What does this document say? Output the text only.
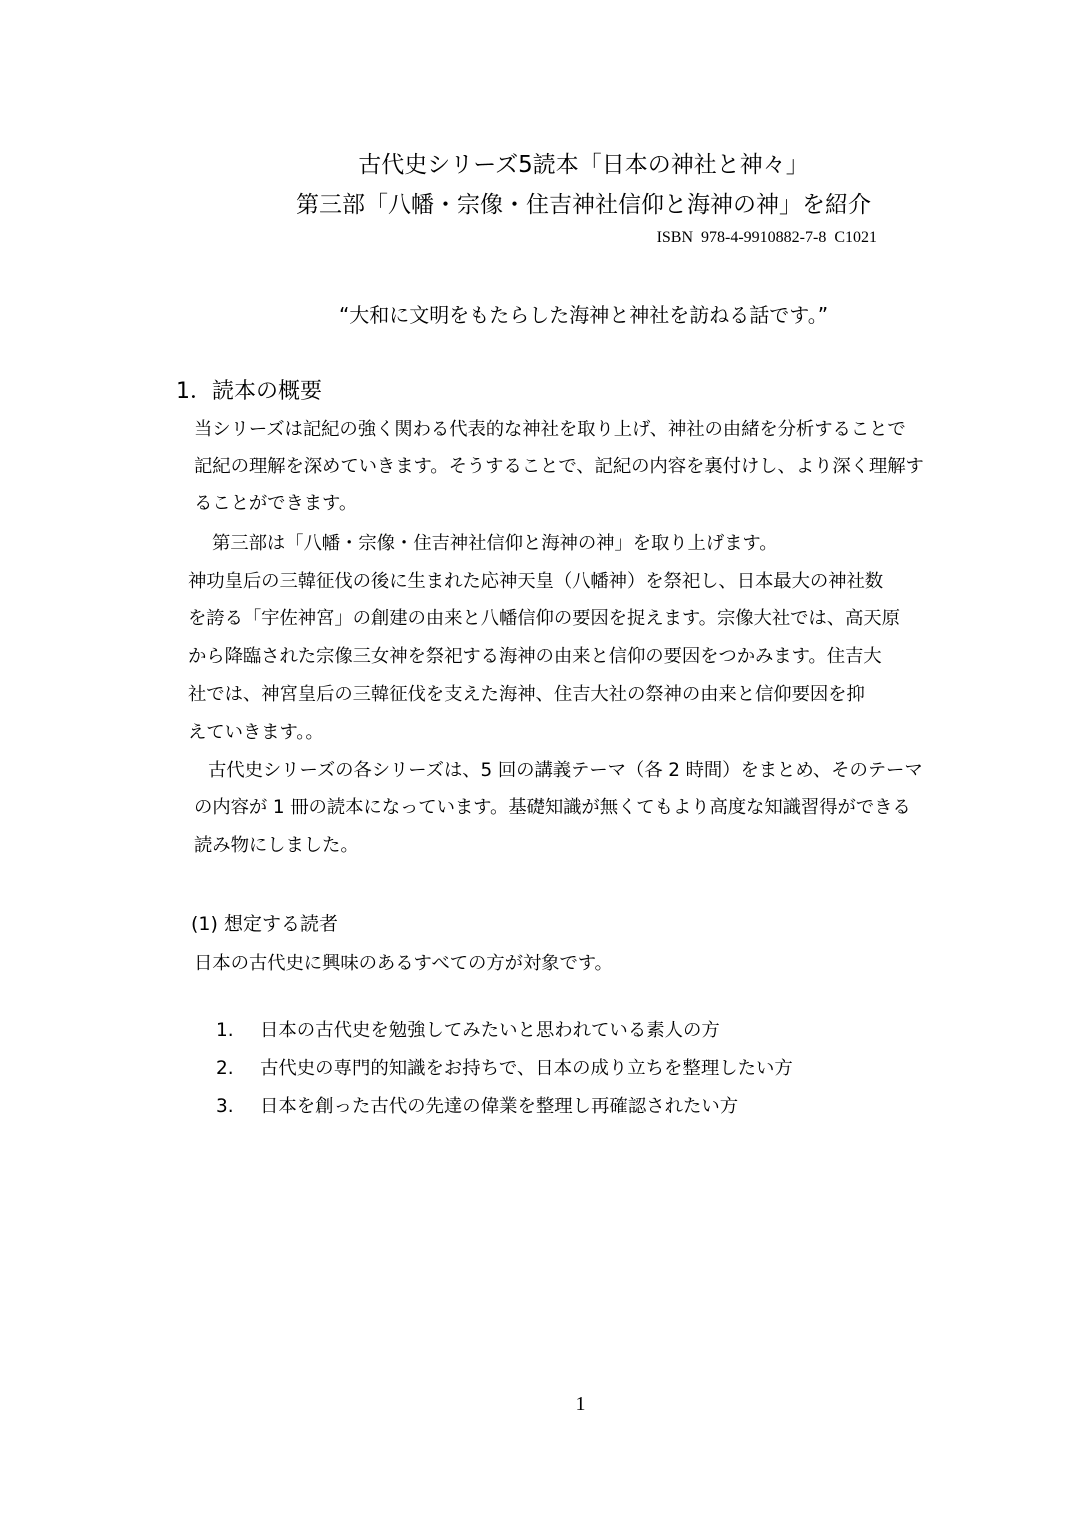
古代史シリーズ5読本「日本の神社と神々」
第三部「八幡・宗像・住吉神社信仰と海神の神」を紹介
ISBN  978-4-9910882-7-8  C1021
“大和に文明をもたらした海神と神社を訪ねる話です。”
1．読本の概要
当シリーズは記紀の強く関わる代表的な神社を取り上げ、神社の由緒を分析することで
記紀の理解を深めていきます。そうすることで、記紀の内容を裏付けし、より深く理解す
ることができます。
第三部は「八幡・宗像・住吉神社信仰と海神の神」を取り上げます。
神功皇后の三韓征伐の後に生まれた応神天皇（八幡神）を祭祀し、日本最大の神社数
を誇る「宇佐神宮」の創建の由来と八幡信仰の要因を捉えます。宗像大社では、高天原
から降臨された宗像三女神を祭祀する海神の由来と信仰の要因をつかみます。住吉大
社では、神宮皇后の三韓征伐を支えた海神、住吉大社の祭神の由来と信仰要因を抑
えていきます。。
古代史シリーズの各シリーズは、5 回の講義テーマ（各 2 時間）をまとめ、そのテーマ
の内容が 1 冊の読本になっています。基礎知識が無くてもより高度な知識習得ができる
読み物にしました。
(1) 想定する読者
日本の古代史に興味のあるすべての方が対象です。
1. 日本の古代史を勉強してみたいと思われている素人の方
2. 古代史の専門的知識をお持ちで、日本の成り立ちを整理したい方
3. 日本を創った古代の先達の偉業を整理し再確認されたい方
1
